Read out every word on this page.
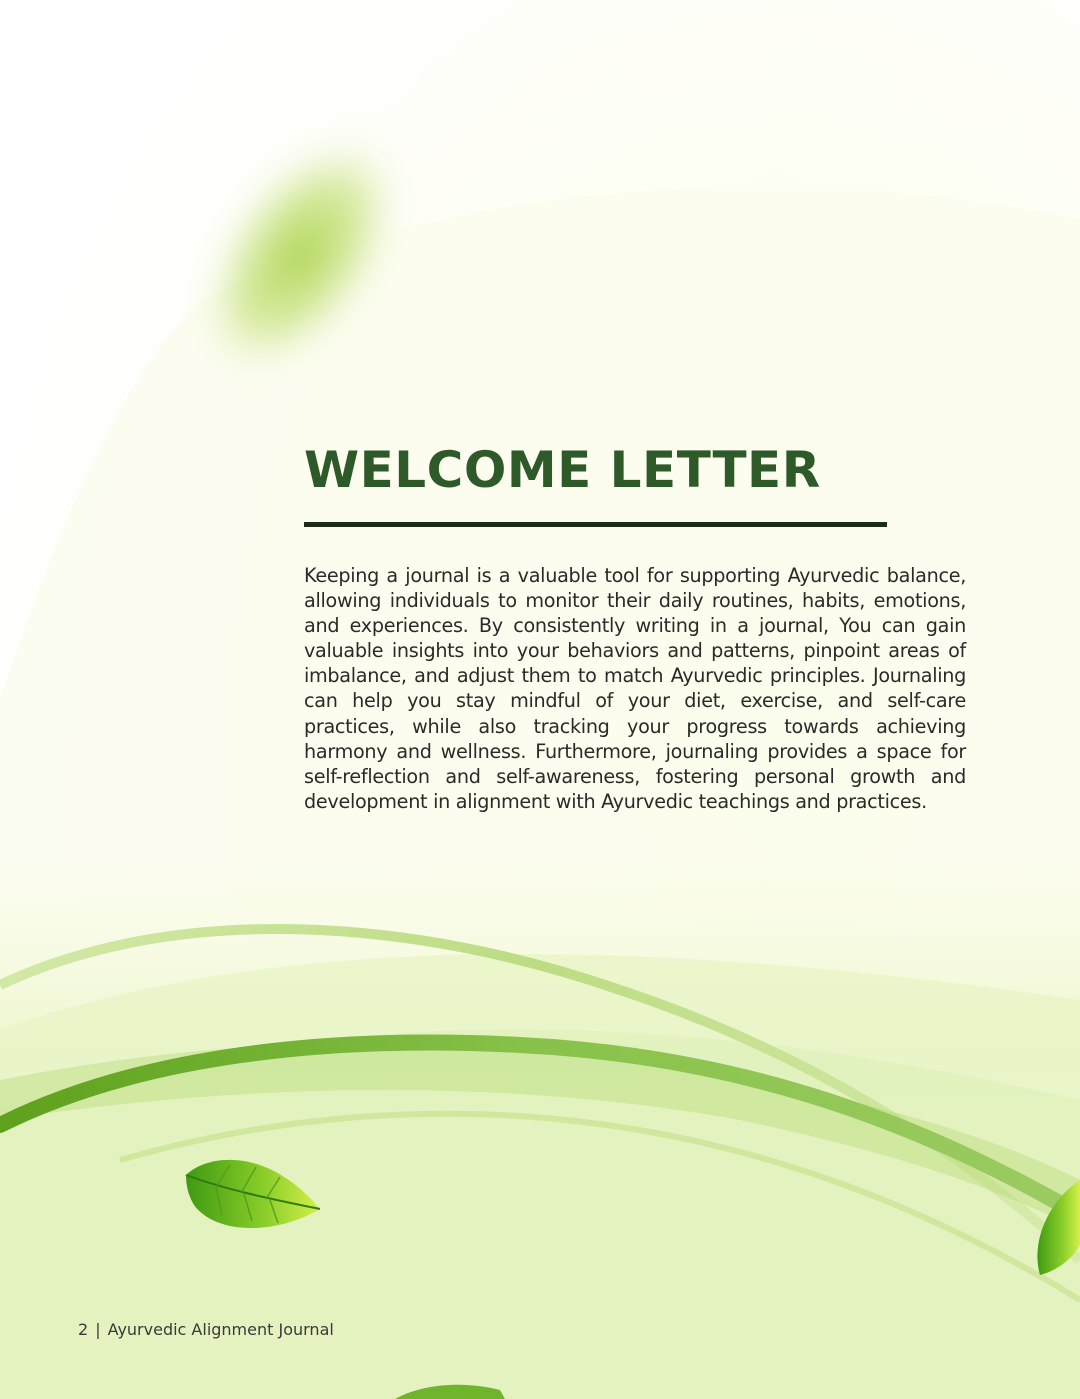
WELCOME LETTER

Keeping a journal is a valuable tool for supporting Ayurvedic balance, allowing individuals to monitor their daily routines, habits, emotions, and experiences. By consistently writing in a journal, You can gain valuable insights into your behaviors and patterns, pinpoint areas of imbalance, and adjust them to match Ayurvedic principles. Journaling can help you stay mindful of your diet, exercise, and self-care practices, while also tracking your progress towards achieving harmony and wellness. Furthermore, journaling provides a space for self-reflection and self-awareness, fostering personal growth and development in alignment with Ayurvedic teachings and practices.

2 | Ayurvedic Alignment Journal
